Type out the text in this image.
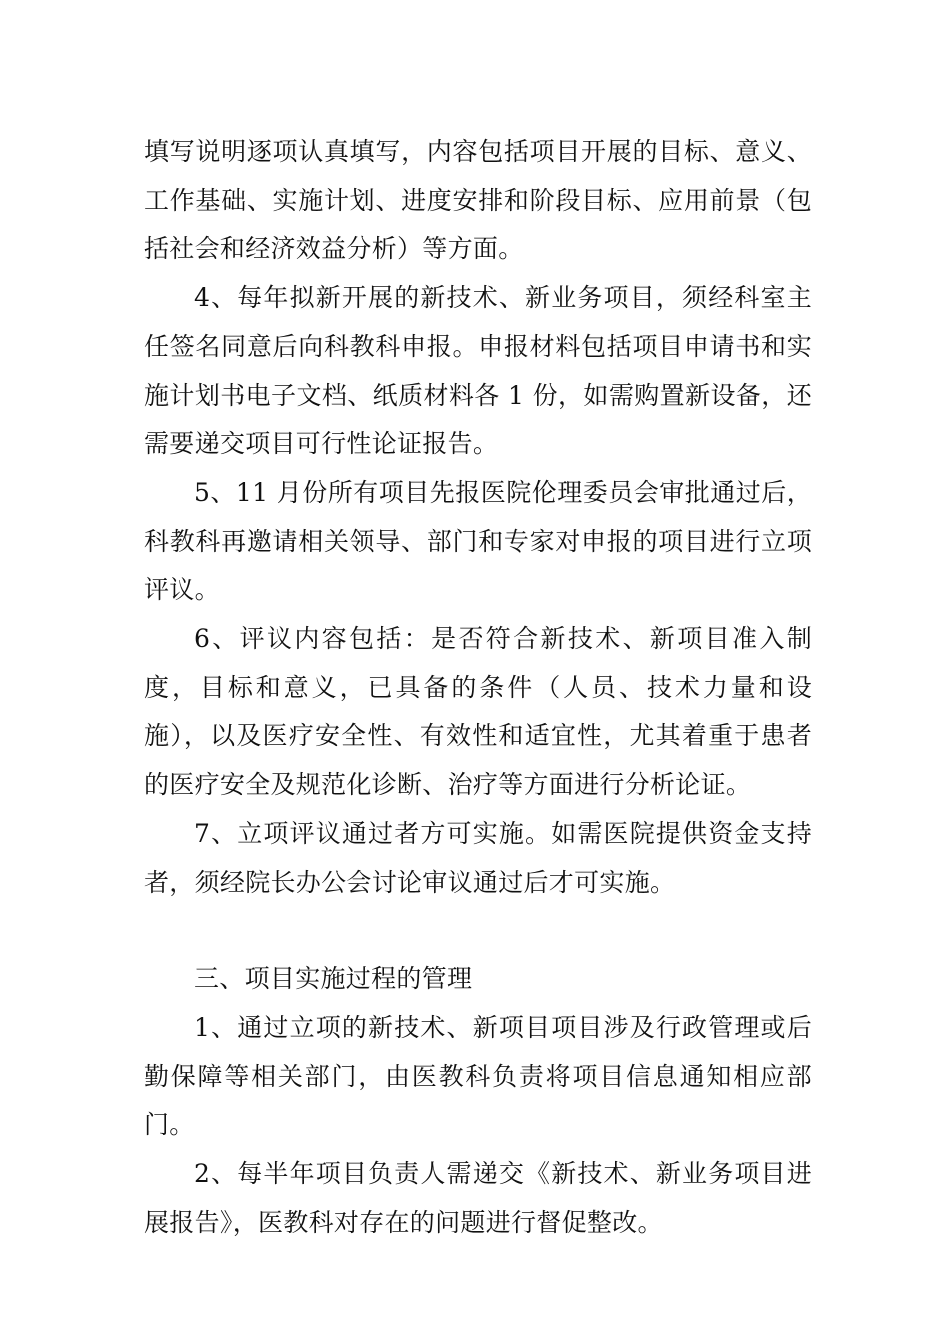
填写说明逐项认真填写，内容包括项目开展的目标、意义、工作基础、实施计划、进度安排和阶段目标、应用前景（包括社会和经济效益分析）等方面。

4、每年拟新开展的新技术、新业务项目，须经科室主任签名同意后向科教科申报。申报材料包括项目申请书和实施计划书电子文档、纸质材料各 1 份，如需购置新设备，还需要递交项目可行性论证报告。

5、11 月份所有项目先报医院伦理委员会审批通过后，科教科再邀请相关领导、部门和专家对申报的项目进行立项评议。

6、评议内容包括：是否符合新技术、新项目准入制度，目标和意义，已具备的条件（人员、技术力量和设施），以及医疗安全性、有效性和适宜性，尤其着重于患者的医疗安全及规范化诊断、治疗等方面进行分析论证。

7、立项评议通过者方可实施。如需医院提供资金支持者，须经院长办公会讨论审议通过后才可实施。

三、项目实施过程的管理

1、通过立项的新技术、新项目项目涉及行政管理或后勤保障等相关部门，由医教科负责将项目信息通知相应部门。

2、每半年项目负责人需递交《新技术、新业务项目进展报告》，医教科对存在的问题进行督促整改。
